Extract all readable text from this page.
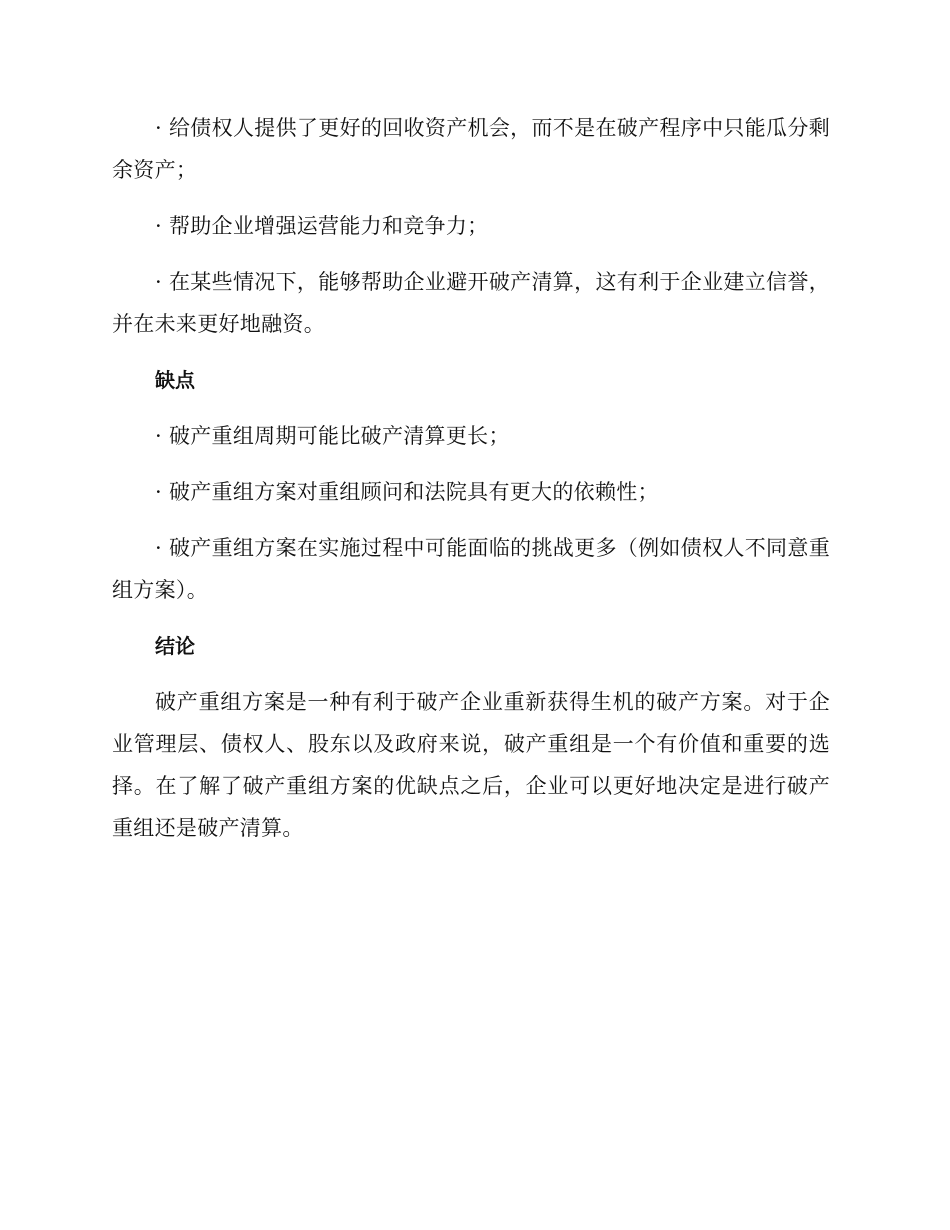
· 给债权人提供了更好的回收资产机会，而不是在破产程序中只能瓜分剩余资产；

· 帮助企业增强运营能力和竞争力；

· 在某些情况下，能够帮助企业避开破产清算，这有利于企业建立信誉，并在未来更好地融资。

缺点

· 破产重组周期可能比破产清算更长；

· 破产重组方案对重组顾问和法院具有更大的依赖性；

· 破产重组方案在实施过程中可能面临的挑战更多（例如债权人不同意重组方案）。

结论

破产重组方案是一种有利于破产企业重新获得生机的破产方案。对于企业管理层、债权人、股东以及政府来说，破产重组是一个有价值和重要的选择。在了解了破产重组方案的优缺点之后，企业可以更好地决定是进行破产重组还是破产清算。
